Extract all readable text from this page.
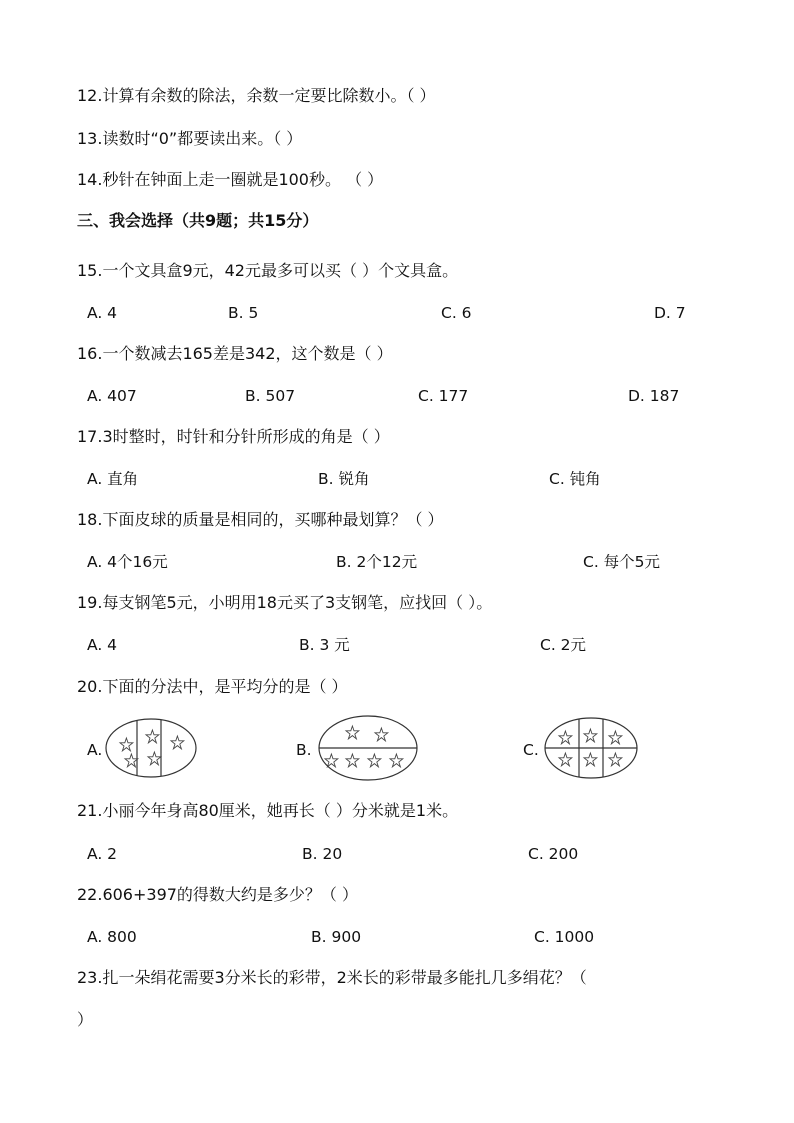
12.计算有余数的除法，余数一定要比除数小。（ ）
13.读数时“0”都要读出来。（ ）
14.秒针在钟面上走一圈就是100秒。 （ ）
三、我会选择（共9题；共15分）
15.一个文具盒9元，42元最多可以买（ ）个文具盒。
A. 4	B. 5	C. 6	D. 7
16.一个数减去165差是342，这个数是（ ）
A. 407	B. 507	C. 177	D. 187
17.3时整时，时针和分针所形成的角是（ ）
A. 直角	B. 锐角	C. 钝角
18.下面皮球的质量是相同的，买哪种最划算？（ ）
A. 4个16元	B. 2个12元	C. 每个5元
19.每支钢笔5元，小明用18元买了3支钢笔，应找回（ ）。
A. 4	B. 3 元	C. 2元
20.下面的分法中，是平均分的是（ ）
A.	B.	C.
21.小丽今年身高80厘米，她再长（ ）分米就是1米。
A. 2	B. 20	C. 200
22.606+397的得数大约是多少？（ ）
A. 800	B. 900	C. 1000
23.扎一朵绢花需要3分米长的彩带，2米长的彩带最多能扎几多绢花？（
）
